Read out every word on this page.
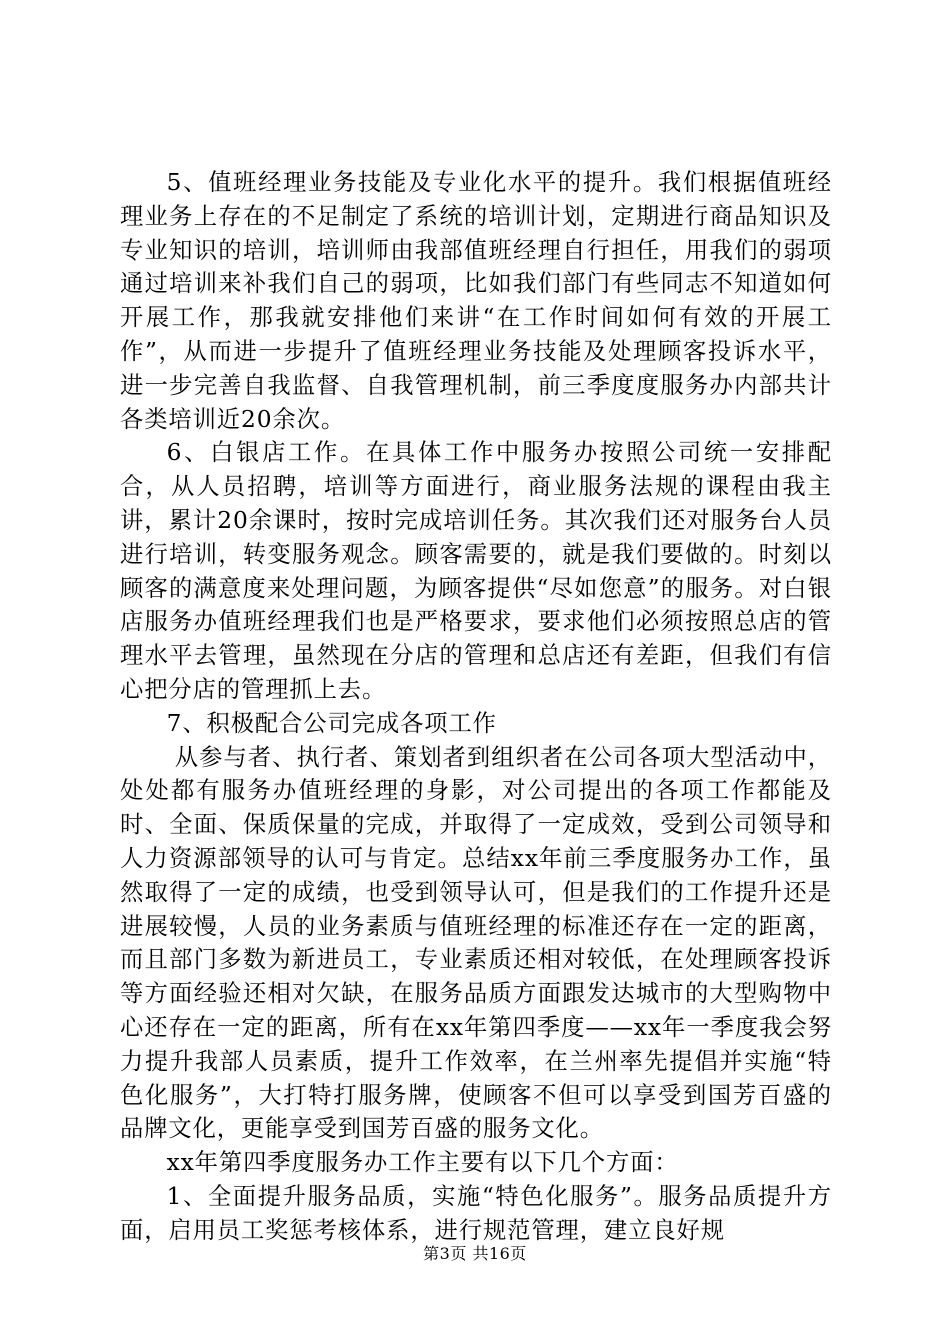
5、值班经理业务技能及专业化水平的提升。我们根据值班经理业务上存在的不足制定了系统的培训计划，定期进行商品知识及专业知识的培训，培训师由我部值班经理自行担任，用我们的弱项通过培训来补我们自己的弱项，比如我们部门有些同志不知道如何开展工作，那我就安排他们来讲“在工作时间如何有效的开展工作”，从而进一步提升了值班经理业务技能及处理顾客投诉水平，进一步完善自我监督、自我管理机制，前三季度度服务办内部共计各类培训近20余次。

6、白银店工作。在具体工作中服务办按照公司统一安排配合，从人员招聘，培训等方面进行，商业服务法规的课程由我主讲，累计20余课时，按时完成培训任务。其次我们还对服务台人员进行培训，转变服务观念。顾客需要的，就是我们要做的。时刻以顾客的满意度来处理问题，为顾客提供“尽如您意”的服务。对白银店服务办值班经理我们也是严格要求，要求他们必须按照总店的管理水平去管理，虽然现在分店的管理和总店还有差距，但我们有信心把分店的管理抓上去。

7、积极配合公司完成各项工作

从参与者、执行者、策划者到组织者在公司各项大型活动中，处处都有服务办值班经理的身影，对公司提出的各项工作都能及时、全面、保质保量的完成，并取得了一定成效，受到公司领导和人力资源部领导的认可与肯定。总结xx年前三季度服务办工作，虽然取得了一定的成绩，也受到领导认可，但是我们的工作提升还是进展较慢，人员的业务素质与值班经理的标准还存在一定的距离，而且部门多数为新进员工，专业素质还相对较低，在处理顾客投诉等方面经验还相对欠缺，在服务品质方面跟发达城市的大型购物中心还存在一定的距离，所有在xx年第四季度——xx年一季度我会努力提升我部人员素质，提升工作效率，在兰州率先提倡并实施“特色化服务”，大打特打服务牌，使顾客不但可以享受到国芳百盛的品牌文化，更能享受到国芳百盛的服务文化。

xx年第四季度服务办工作主要有以下几个方面：

1、全面提升服务品质，实施“特色化服务”。服务品质提升方面，启用员工奖惩考核体系，进行规范管理，建立良好规

第3页 共16页
